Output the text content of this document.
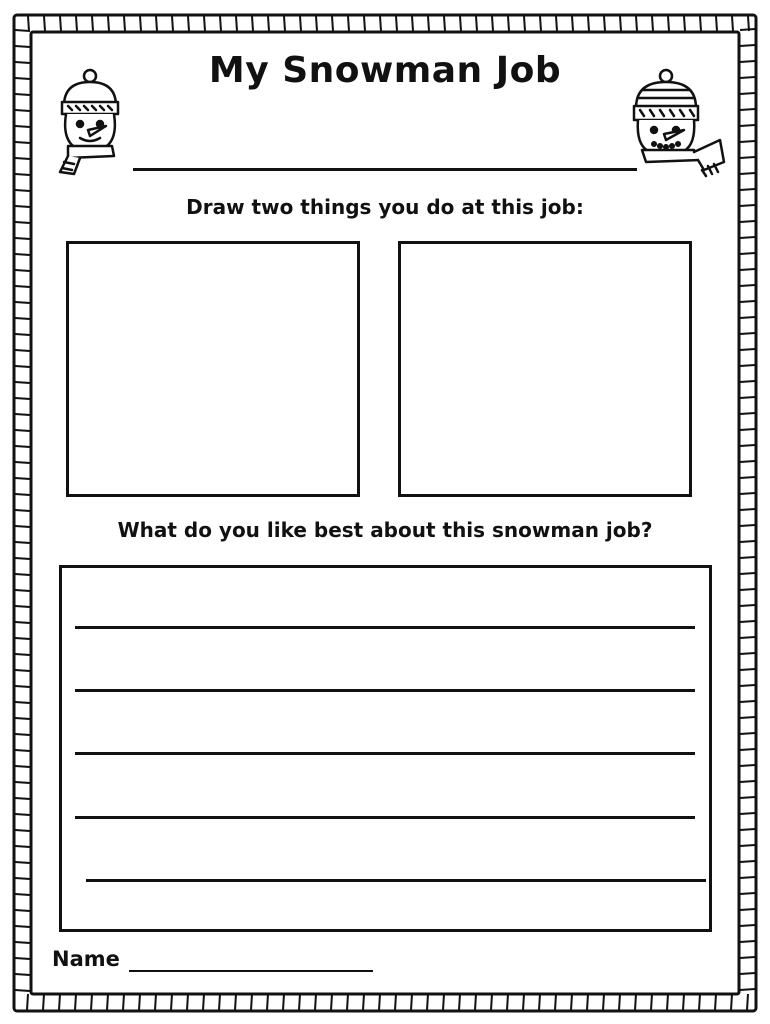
My Snowman Job
Draw two things you do at this job:
What do you like best about this snowman job?
Name
